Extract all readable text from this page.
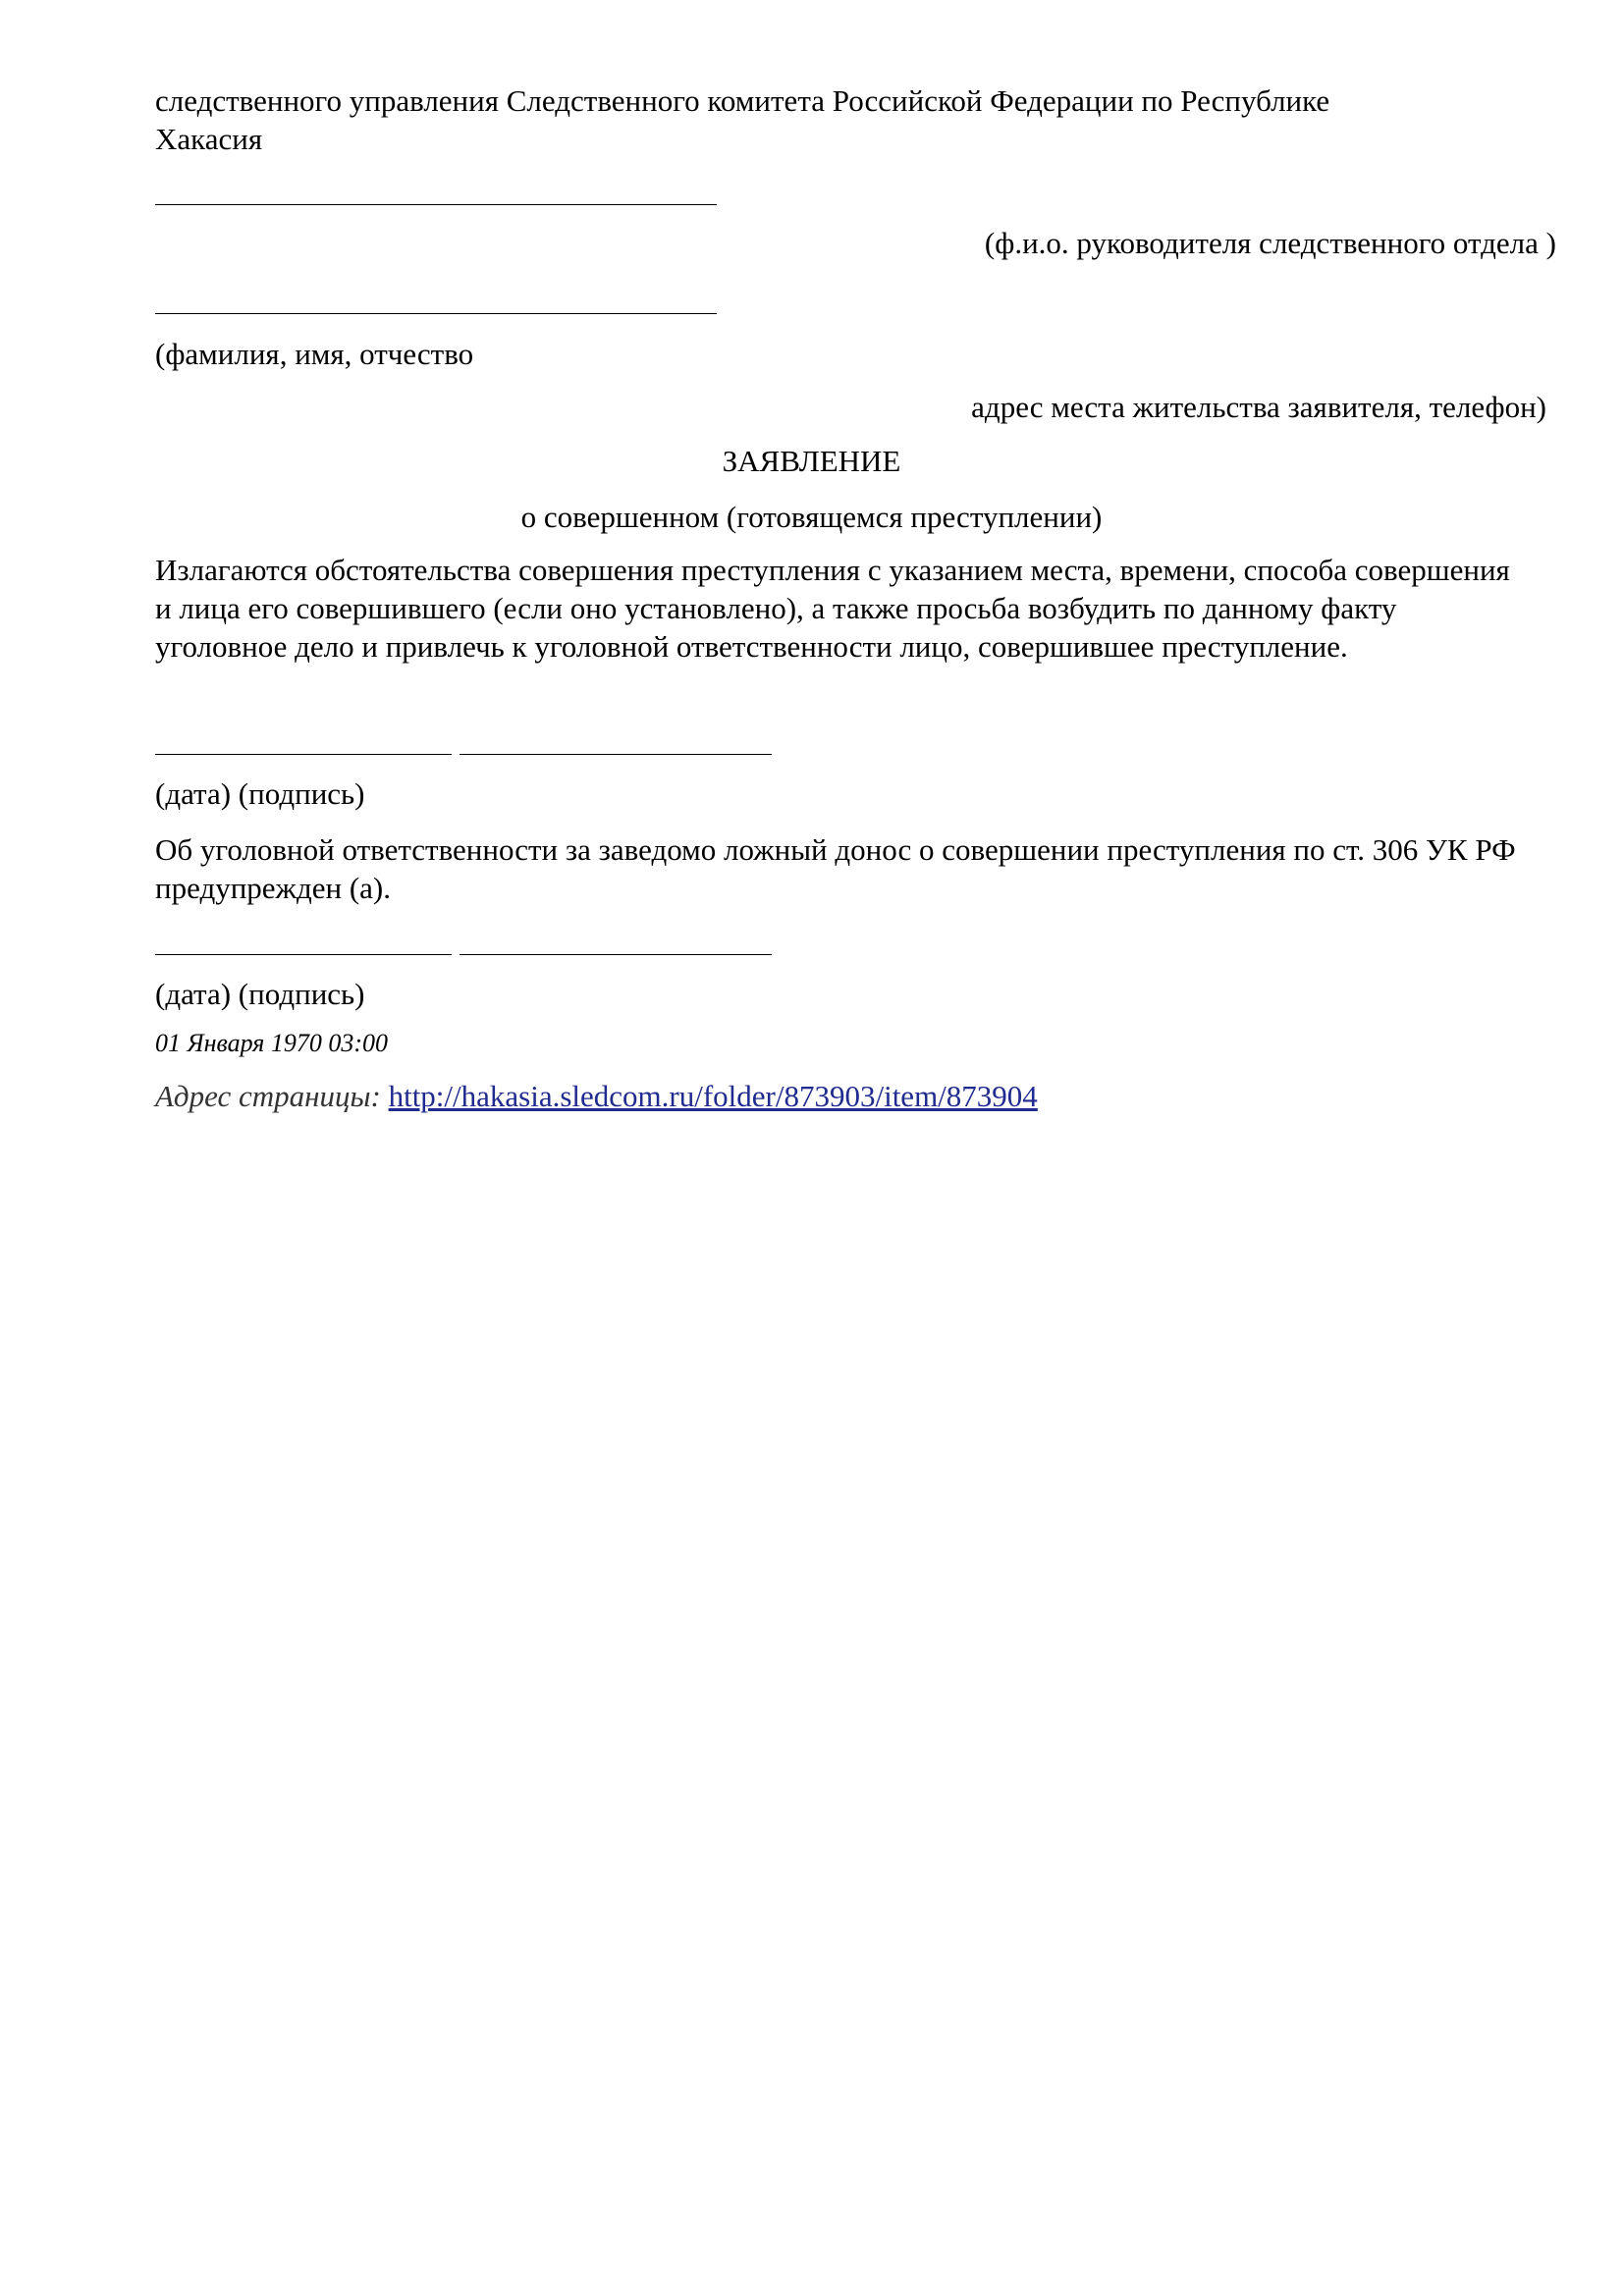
следственного управления Следственного комитета Российской Федерации по Республике
Хакасия
(ф.и.о. руководителя следственного отдела )
(фамилия, имя, отчество
адрес места жительства заявителя, телефон)
ЗАЯВЛЕНИЕ
о совершенном (готовящемся преступлении)
Излагаются обстоятельства совершения преступления с указанием места, времени, способа совершения и лица его совершившего (если оно установлено), а также просьба возбудить по данному факту уголовное дело и привлечь к уголовной ответственности лицо, совершившее преступление.
(дата) (подпись)
Об уголовной ответственности за заведомо ложный донос о совершении преступления по ст. 306 УК РФ предупрежден (а).
(дата) (подпись)
01 Января 1970 03:00
Адрес страницы: http://hakasia.sledcom.ru/folder/873903/item/873904
